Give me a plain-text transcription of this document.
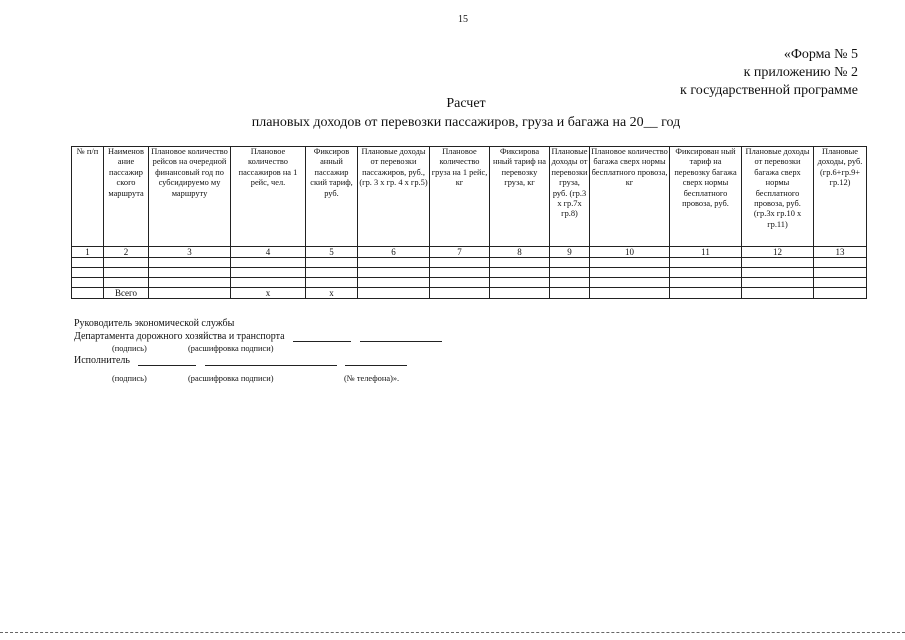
15
«Форма № 5
к приложению № 2
к государственной программе
Расчет
плановых доходов от перевозки пассажиров, груза и багажа на 20__ год
№ п/п	Наименов ание пассажир ского маршрута	Плановое количество рейсов на очередной финансовый год по субсидируемо му маршруту	Плановое количество пассажиров на 1 рейс, чел.	Фиксиров анный пассажир ский тариф, руб.	Плановые доходы от перевозки пассажиров, руб., (гр. 3 х гр. 4 х гр.5)	Плановое количество груза на 1 рейс, кг	Фиксирова нный тариф на перевозку груза, кг	Плановые доходы от перевозки груза, руб. (гр.3 х гр.7х гр.8)	Плановое количество багажа сверх нормы бесплатного провоза, кг	Фиксирован ный тариф на перевозку багажа сверх нормы бесплатного провоза, руб.	Плановые доходы от перевозки багажа сверх нормы бесплатного провоза, руб. (гр.3х гр.10 х гр.11)	Плановые доходы, руб. (гр.6+гр.9+ гр.12)
1	2	3	4	5	6	7	8	9	10	11	12	13

	Всего		х	х								
Руководитель экономической службы
Департамента дорожного хозяйства и транспорта
(подпись)	(расшифровка подписи)
Исполнитель
(подпись)	(расшифровка подписи)	(№ телефона)».
